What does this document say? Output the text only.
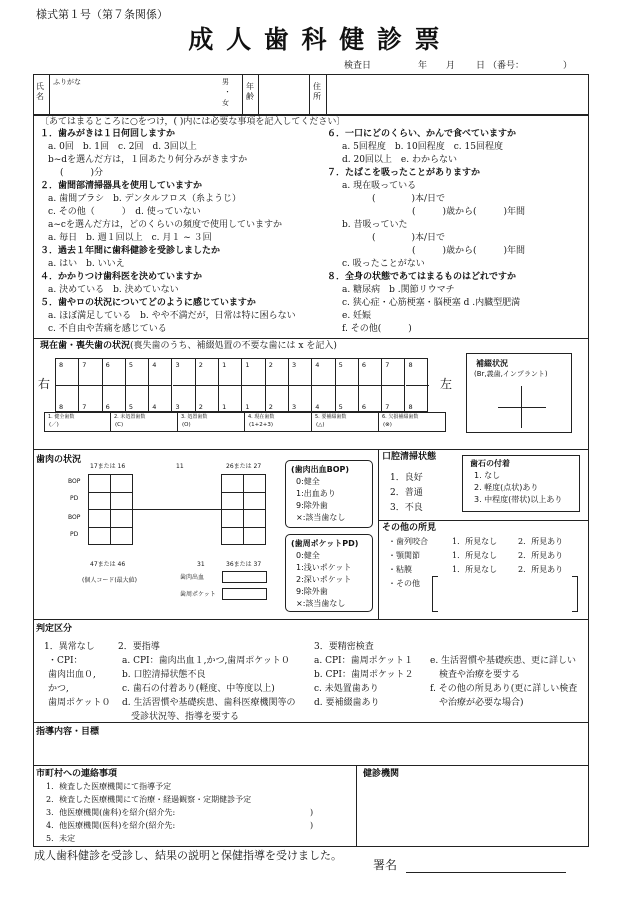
様式第１号（第７条関係）
成 人 歯 科 健 診 票
検査日	年 月 日 （番号：	）
氏名
ふりがな	男
・
女
年齢
住所
〔あてはまるところに○をつけ，( )内には必要な事項を記入してください〕
１．歯みがきは１日何回しますか
a. 0回　b. 1回　c. 2回　d. 3回以上
b~dを選んだ方は，１回あたり何分みがきますか
(　　　)分
２．歯間部清掃器具を使用していますか
a. 歯間ブラシ　b. デンタルフロス（糸ようじ）
c. その他（　　　）　d. 使っていない
a~cを選んだ方は，どのくらいの頻度で使用していますか
a. 毎日　b. 週１回以上　c. 月１ ~ ３回
３．過去１年間に歯科健診を受診しましたか
a. はい　b. いいえ
４．かかりつけ歯科医を決めていますか
a. 決めている　b. 決めていない
５．歯やロの状況についてどのように感じていますか
a. ほぼ満足している　b. やや不満だが，日常は特に困らない
c. 不自由や苦痛を感じている
６．一口にどのくらい、かんで食べていますか
a. 5回程度　b. 10回程度　c. 15回程度
d. 20回以上　e. わからない
７．たばこを吸ったことがありますか
a. 現在吸っている
(　　　　)本/日で
(　　　)歳から(　　　)年間
b. 昔吸っていた
(　　　　)本/日で
(　　　)歳から(　　　)年間
c. 吸ったことがない
８．全身の状態であてはまるものはどれですか
a. 糖尿病　b .関節リウマチ
c. 狭心症・心筋梗塞・脳梗塞 d .内臓型肥満
e. 妊娠
f. その他(　　　)
現在歯・喪失歯の状況(喪失歯のうち、補綴処置の不要な歯には x を記入)
右	左
8	7	6	5	4	3	2	1	1	2	3	4	5	6	7	8
8	7	6	5	4	3	2	1	1	2	3	4	5	6	7	8
補綴状況
(Br,義歯,インプラント)
1. 健全歯数
(／)
2. 未処置歯数
(C)
3. 処置歯数
(O)
4. 現在歯数
(1+2+3)
5. 要補綴歯数
(△)
6. 欠損補綴歯数
(⊗)
歯肉の状況
17または 16	11	26または 27
BOP
PD
BOP
PD
47または 46	31	36または 37
(個人コード(最大値)	歯肉出血
歯周ポケット
(歯肉出血BOP)
0:健全
1:出血あり
9:除外歯
×:該当歯なし
(歯周ポケットPD)
0:健全
1:浅いポケット
2:深いポケット
9:除外歯
×:該当歯なし
口腔清掃状態
1．良好
2．普通
3．不良
歯石の付着
1. なし
2. 軽度(点状)あり
3. 中程度(帯状)以上あり
その他の所見
・歯列咬合	1．所見なし	2．所見あり
・顎関節	1．所見なし	2．所見あり
・粘膜	1．所見なし	2．所見あり
・その他
判定区分
1．異常なし
・CPI：
歯肉出血０,
かつ,
歯周ポケット０
2．要指導
a. CPI：歯肉出血１,かつ,歯周ポケット０
b. 口腔清掃状態不良
c. 歯石の付着あり(軽度、中等度以上)
d. 生活習慣や基礎疾患、歯科医療機関等の
　受診状況等、指導を要する
3．要精密検査
a. CPI：歯周ポケット１
b. CPI：歯周ポケット２
c. 未処置歯あり
d. 要補綴歯あり
e. 生活習慣や基礎疾患、更に詳しい
　検査や治療を要する
f. その他の所見あり(更に詳しい検査
　や治療が必要な場合)
指導内容・目標
市町村への連絡事項
1．検査した医療機関にて指導予定
2．検査した医療機関にて治療・経過観察・定期健診予定
3．他医療機関(歯科)を紹介(紹介先:	)
4．他医療機関(医科)を紹介(紹介先:	)
5．未定
健診機関
成人歯科健診を受診し、結果の説明と保健指導を受けました。
署名
